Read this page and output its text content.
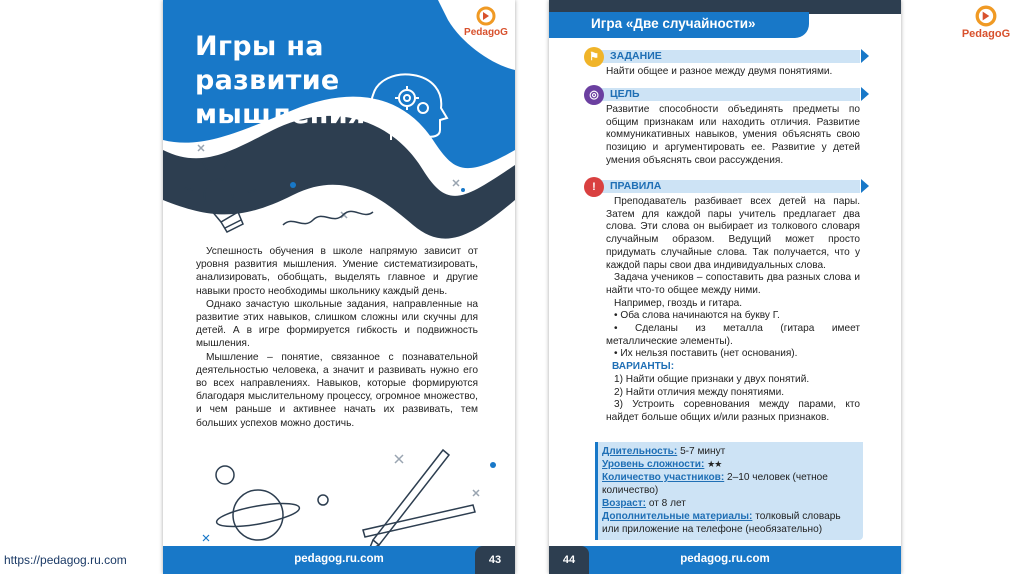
Игры на развитие мышления
PedagoG

Успешность обучения в школе напрямую зависит от уровня развития мышления. Умение систематизировать, анализировать, обобщать, выделять главное и другие навыки просто необходимы школьнику каждый день.

Однако зачастую школьные задания, направленные на развитие этих навыков, слишком сложны или скучны для детей. А в игре формируется гибкость и подвижность мышления.

Мышление – понятие, связанное с познавательной деятельностью человека, а значит и развивать нужно его во всех направлениях. Навыков, которые формируются благодаря мыслительному процессу, огромное множество, и чем раньше и активнее начать их развивать, тем больших успехов можно достичь.

pedagog.ru.com	43
Игра «Две случайности»
ЗАДАНИЕ
⚑
Найти общее и разное между двумя понятиями.
ЦЕЛЬ
◎
Развитие способности объединять предметы по общим признакам или находить отличия. Развитие коммуникативных навыков, умения объяснять свою позицию и аргументировать ее. Развитие у детей умения объяснять свои рассуждения.
ПРАВИЛА
!

Преподаватель разбивает всех детей на пары. Затем для каждой пары учитель предлагает два слова. Эти слова он выбирает из толкового словаря случайным образом. Ведущий может просто придумать случайные слова. Так получается, что у каждой пары свои два индивидуальных слова.

Задача учеников – сопоставить два разных слова и найти что-то общее между ними.

Например, гвоздь и гитара.

• Оба слова начинаются на букву Г.

• Сделаны из металла (гитара имеет металлические элементы).

• Их нельзя поставить (нет основания).

ВАРИАНТЫ:

1) Найти общие признаки у двух понятий.

2) Найти отличия между понятиями.

3) Устроить соревнования между парами, кто найдет больше общих и/или разных признаков.

Длительность: 5-7 минут

Уровень сложности: ★★

Количество участников: 2–10 человек (четное количество)

Возраст: от 8 лет

Дополнительные материалы: толковый словарь или приложение на телефоне (необязательно)

pedagog.ru.com
44
PedagoG
https://pedagog.ru.com
